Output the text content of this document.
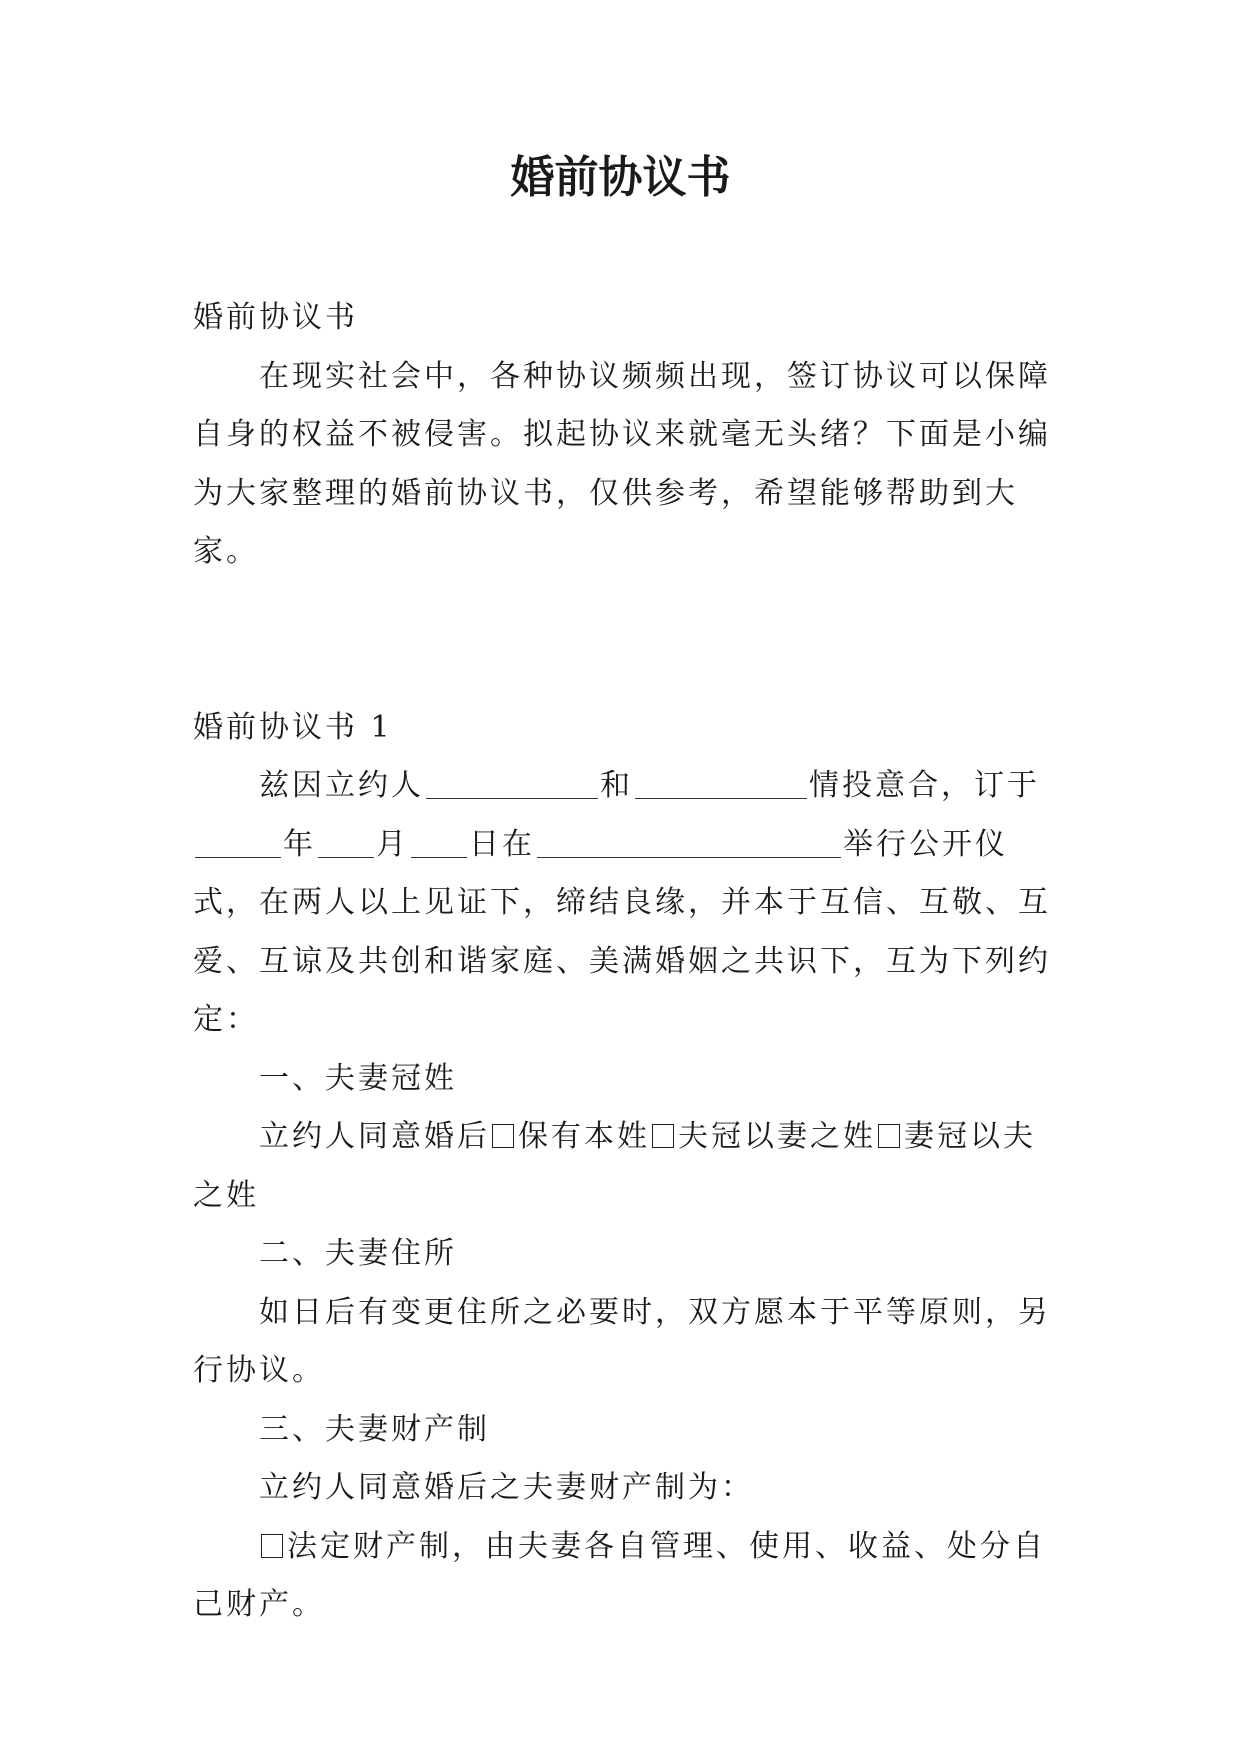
婚前协议书

婚前协议书

在现实社会中，各种协议频频出现，签订协议可以保障自身的权益不被侵害。拟起协议来就毫无头绪？下面是小编为大家整理的婚前协议书，仅供参考，希望能够帮助到大家。

婚前协议书 1

兹因立约人	和	情投意合，订于年 月 日在	举行公开仪式，在两人以上见证下，缔结良缘，并本于互信、互敬、互爱、互谅及共创和谐家庭、美满婚姻之共识下，互为下列约定：

一、夫妻冠姓

立约人同意婚后 保有本姓 夫冠以妻之姓 妻冠以夫之姓

二、夫妻住所

如日后有变更住所之必要时，双方愿本于平等原则，另行协议。

三、夫妻财产制

立约人同意婚后之夫妻财产制为：

法定财产制，由夫妻各自管理、使用、收益、处分自己财产。
